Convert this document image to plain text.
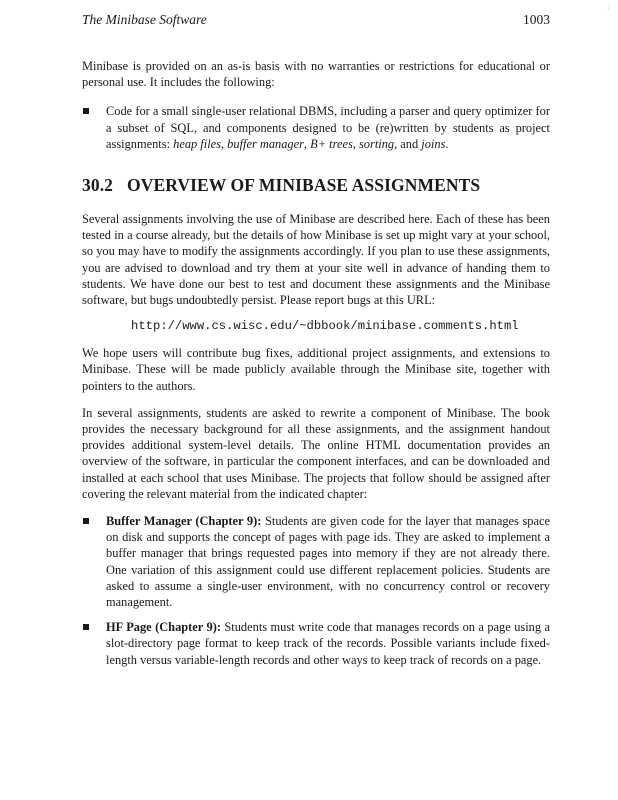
/
The Minibase Software	1003

Minibase is provided on an as-is basis with no warranties or restrictions for educational or personal use. It includes the following:

Code for a small single-user relational DBMS, including a parser and query optimizer for a subset of SQL, and components designed to be (re)written by students as project assignments: heap files, buffer manager, B+ trees, sorting, and joins.
30.2 OVERVIEW OF MINIBASE ASSIGNMENTS

Several assignments involving the use of Minibase are described here. Each of these has been tested in a course already, but the details of how Minibase is set up might vary at your school, so you may have to modify the assignments accordingly. If you plan to use these assignments, you are advised to download and try them at your site well in advance of handing them to students. We have done our best to test and document these assignments and the Minibase software, but bugs undoubtedly persist. Please report bugs at this URL:

http://www.cs.wisc.edu/~dbbook/minibase.comments.html

We hope users will contribute bug fixes, additional project assignments, and extensions to Minibase. These will be made publicly available through the Minibase site, together with pointers to the authors.

In several assignments, students are asked to rewrite a component of Minibase. The book provides the necessary background for all these assignments, and the assignment handout provides additional system-level details. The online HTML documentation provides an overview of the software, in particular the component interfaces, and can be downloaded and installed at each school that uses Minibase. The projects that follow should be assigned after covering the relevant material from the indicated chapter:

Buffer Manager (Chapter 9): Students are given code for the layer that manages space on disk and supports the concept of pages with page ids. They are asked to implement a buffer manager that brings requested pages into memory if they are not already there. One variation of this assignment could use different replacement policies. Students are asked to assume a single-user environment, with no concurrency control or recovery management.
HF Page (Chapter 9): Students must write code that manages records on a page using a slot-directory page format to keep track of the records. Possible variants include fixed-length versus variable-length records and other ways to keep track of records on a page.
